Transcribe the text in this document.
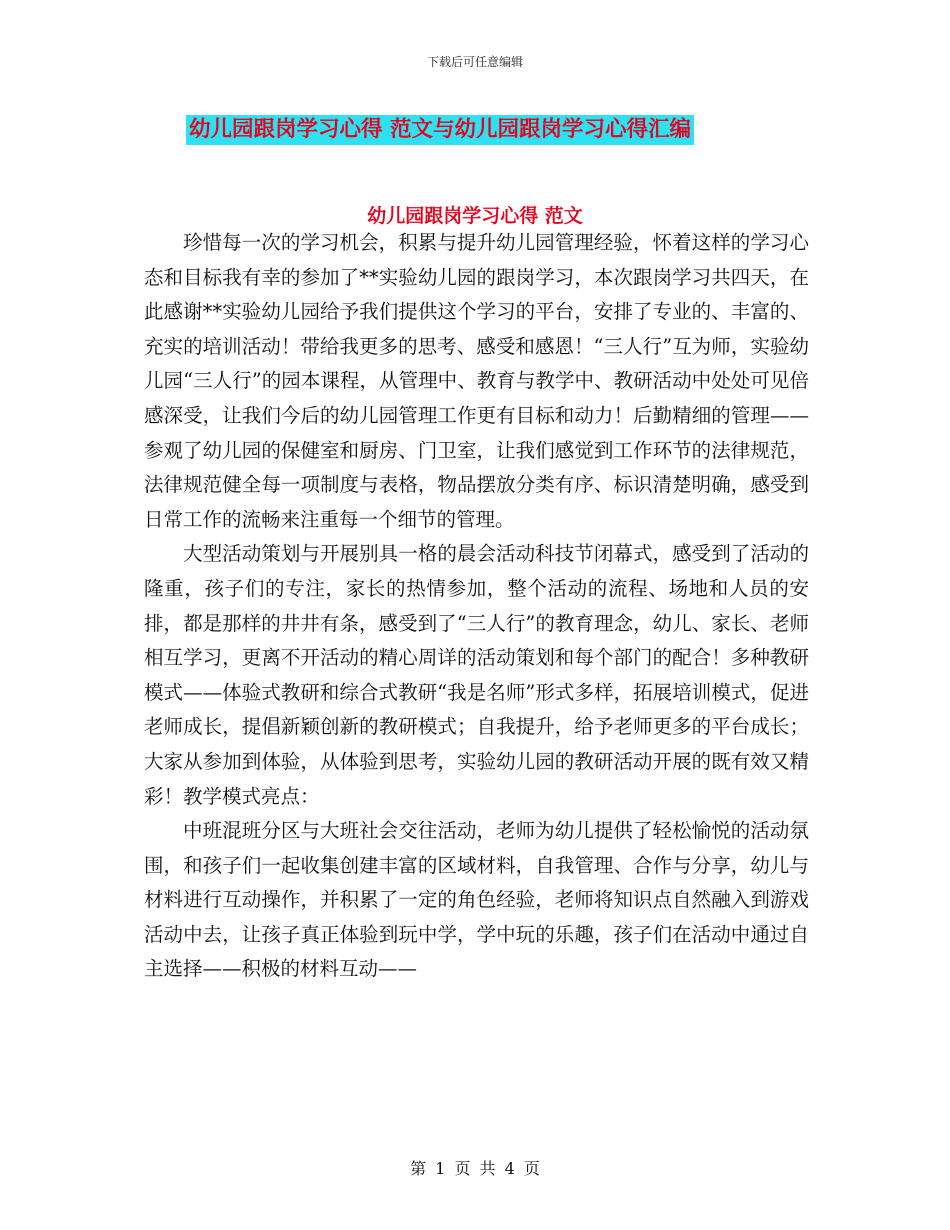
下载后可任意编辑
幼儿园跟岗学习心得 范文与幼儿园跟岗学习心得汇编
幼儿园跟岗学习心得 范文

珍惜每一次的学习机会，积累与提升幼儿园管理经验，怀着这样的学习心态和目标我有幸的参加了**实验幼儿园的跟岗学习，本次跟岗学习共四天，在此感谢**实验幼儿园给予我们提供这个学习的平台，安排了专业的、丰富的、充实的培训活动！带给我更多的思考、感受和感恩！“三人行”互为师，实验幼儿园“三人行”的园本课程，从管理中、教育与教学中、教研活动中处处可见倍感深受，让我们今后的幼儿园管理工作更有目标和动力！后勤精细的管理——参观了幼儿园的保健室和厨房、门卫室，让我们感觉到工作环节的法律规范，法律规范健全每一项制度与表格，物品摆放分类有序、标识清楚明确，感受到日常工作的流畅来注重每一个细节的管理。

大型活动策划与开展别具一格的晨会活动科技节闭幕式，感受到了活动的隆重，孩子们的专注，家长的热情参加，整个活动的流程、场地和人员的安排，都是那样的井井有条，感受到了“三人行”的教育理念，幼儿、家长、老师相互学习，更离不开活动的精心周详的活动策划和每个部门的配合！多种教研模式——体验式教研和综合式教研“我是名师”形式多样，拓展培训模式，促进老师成长，提倡新颖创新的教研模式；自我提升，给予老师更多的平台成长；大家从参加到体验，从体验到思考，实验幼儿园的教研活动开展的既有效又精彩！教学模式亮点：

中班混班分区与大班社会交往活动，老师为幼儿提供了轻松愉悦的活动氛围，和孩子们一起收集创建丰富的区域材料，自我管理、合作与分享，幼儿与材料进行互动操作，并积累了一定的角色经验，老师将知识点自然融入到游戏活动中去，让孩子真正体验到玩中学，学中玩的乐趣，孩子们在活动中通过自主选择——积极的材料互动——

第 1 页 共 4 页
